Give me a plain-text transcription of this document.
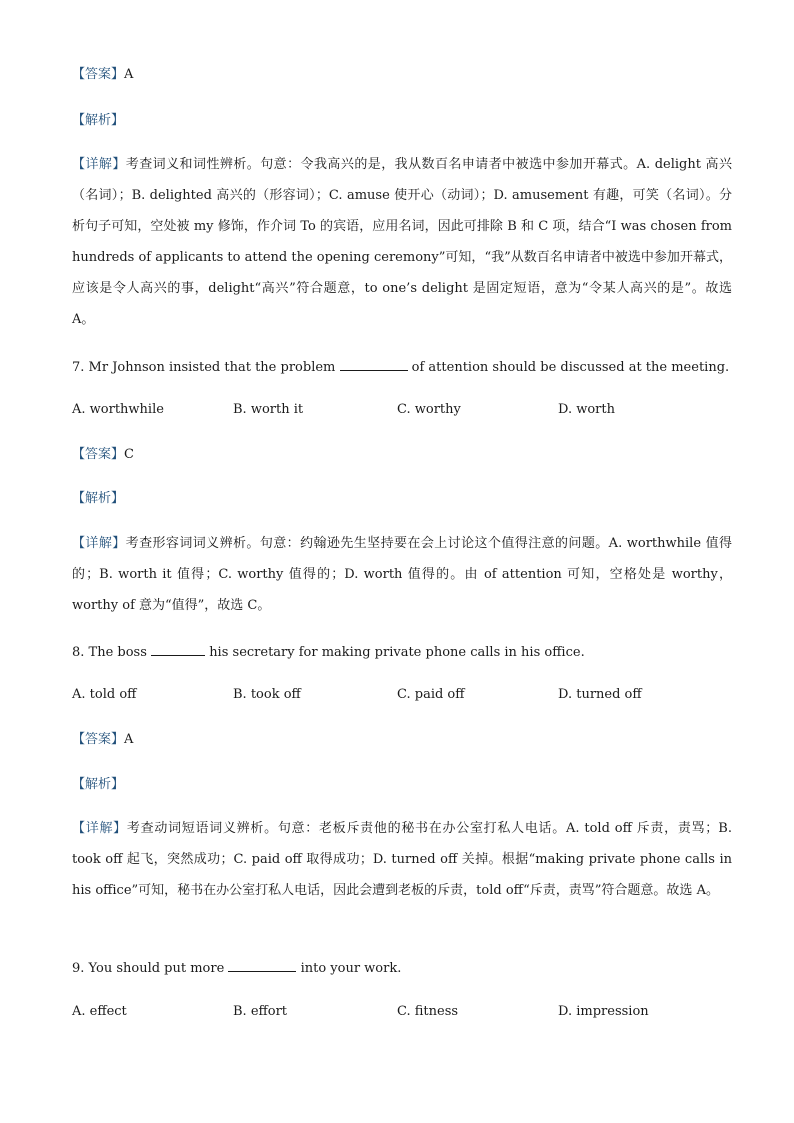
【答案】A
【解析】
【详解】考查词义和词性辨析。句意：令我高兴的是，我从数百名申请者中被选中参加开幕式。A. delight 高兴（名词）；B. delighted 高兴的（形容词）；C. amuse 使开心（动词）；D. amusement 有趣，可笑（名词）。分析句子可知，空处被 my 修饰，作介词 To 的宾语，应用名词，因此可排除 B 和 C 项，结合“I was chosen from hundreds of applicants to attend the opening ceremony”可知，“我”从数百名申请者中被选中参加开幕式，应该是令人高兴的事，delight“高兴”符合题意，to one’s delight 是固定短语，意为“令某人高兴的是”。故选 A。
7. Mr Johnson insisted that the problem	of attention should be discussed at the meeting.
A. worthwhile	B. worth it	C. worthy	D. worth
【答案】C
【解析】
【详解】考查形容词词义辨析。句意：约翰逊先生坚持要在会上讨论这个值得注意的问题。A. worthwhile 值得的；B. worth it 值得；C. worthy 值得的；D. worth 值得的。由 of attention 可知，空格处是 worthy，worthy of 意为“值得”，故选 C。
8. The boss	his secretary for making private phone calls in his office.
A. told off	B. took off	C. paid off	D. turned off
【答案】A
【解析】
【详解】考查动词短语词义辨析。句意：老板斥责他的秘书在办公室打私人电话。A. told off 斥责，责骂；B. took off 起飞，突然成功；C. paid off 取得成功；D. turned off 关掉。根据“making private phone calls in his office”可知，秘书在办公室打私人电话，因此会遭到老板的斥责，told off“斥责，责骂”符合题意。故选 A。
9. You should put more	into your work.
A. effect	B. effort	C. fitness	D. impression
